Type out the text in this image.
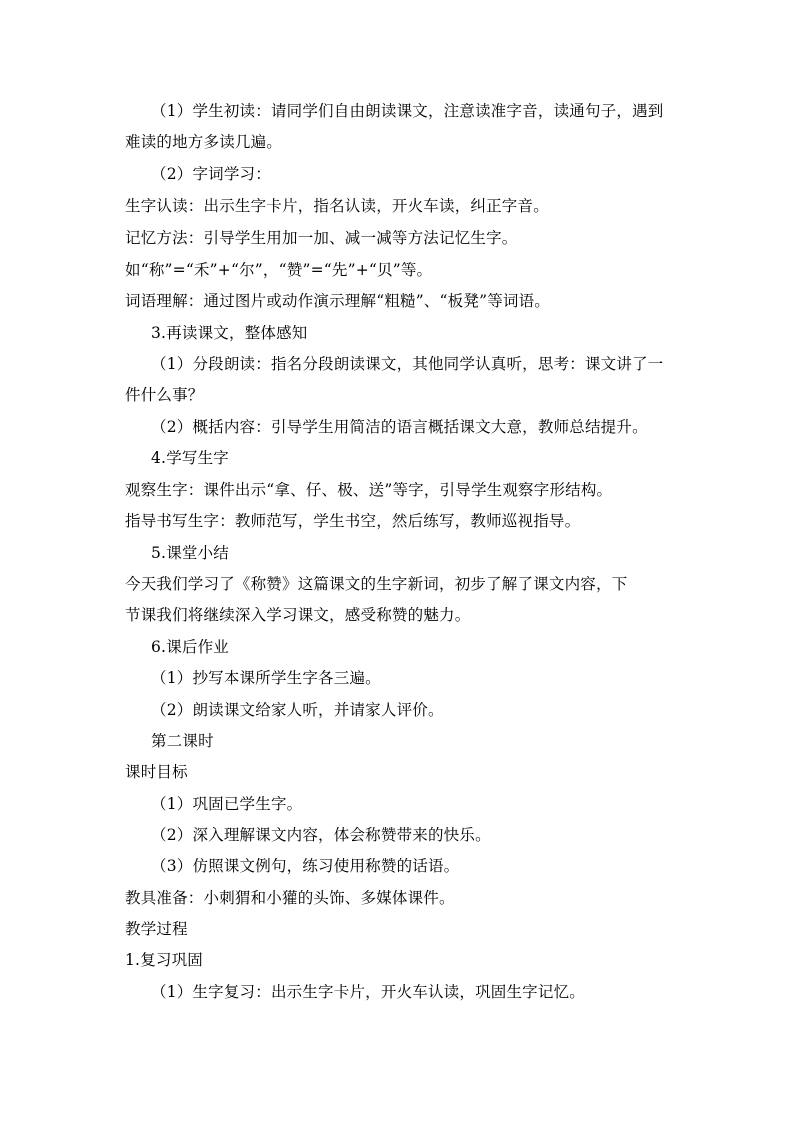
（1）学生初读：请同学们自由朗读课文，注意读准字音，读通句子，遇到
难读的地方多读几遍。
（2）字词学习：
生字认读：出示生字卡片，指名认读，开火车读，纠正字音。
记忆方法：引导学生用加一加、减一减等方法记忆生字。
如“称”=“禾”+“尔”，“赞”=“先”+“贝”等。
词语理解：通过图片或动作演示理解“粗糙”、“板凳”等词语。
3.再读课文，整体感知
（1）分段朗读：指名分段朗读课文，其他同学认真听，思考：课文讲了一
件什么事？
（2）概括内容：引导学生用简洁的语言概括课文大意，教师总结提升。
4.学写生字
观察生字：课件出示“拿、仔、极、送”等字，引导学生观察字形结构。
指导书写生字：教师范写，学生书空，然后练写，教师巡视指导。
5.课堂小结
今天我们学习了《称赞》这篇课文的生字新词，初步了解了课文内容，下
节课我们将继续深入学习课文，感受称赞的魅力。
6.课后作业
（1）抄写本课所学生字各三遍。
（2）朗读课文给家人听，并请家人评价。
第二课时
课时目标
（1）巩固已学生字。
（2）深入理解课文内容，体会称赞带来的快乐。
（3）仿照课文例句，练习使用称赞的话语。
教具准备：小刺猬和小獾的头饰、多媒体课件。
教学过程
1.复习巩固
（1）生字复习：出示生字卡片，开火车认读，巩固生字记忆。
